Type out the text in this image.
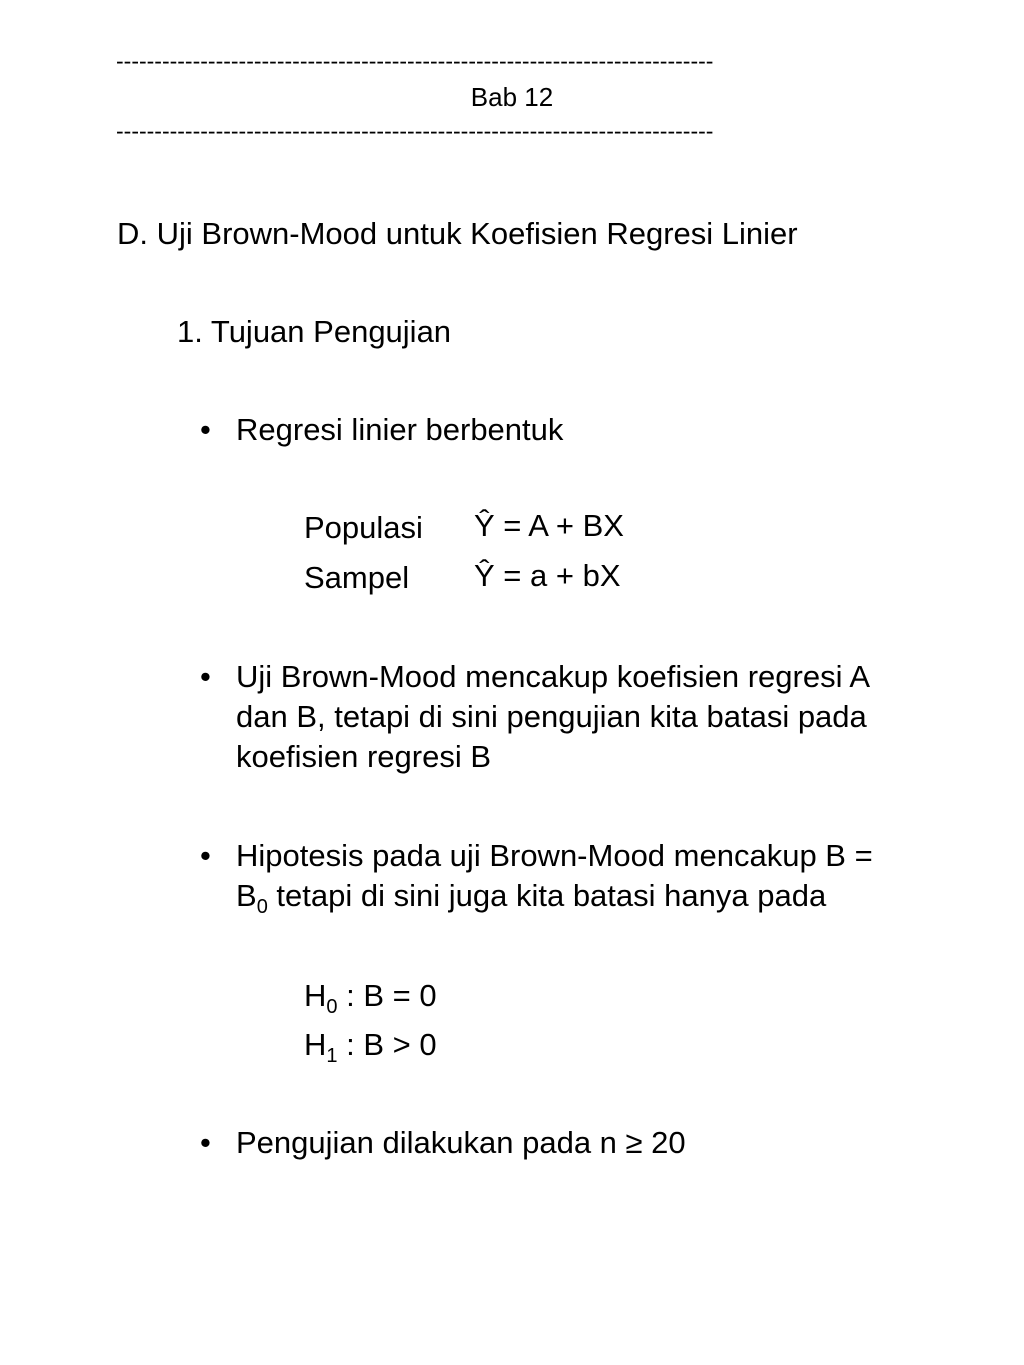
------------------------------------------------------------------------------
Bab 12
------------------------------------------------------------------------------
D. Uji Brown-Mood untuk Koefisien Regresi Linier
1. Tujuan Pengujian
• Regresi linier berbentuk
Populasi Ŷ = A + BX
Sampel Ŷ = a + bX
• Uji Brown-Mood mencakup koefisien regresi A
dan B, tetapi di sini pengujian kita batasi pada
koefisien regresi B
• Hipotesis pada uji Brown-Mood mencakup B =
$B_0$ tetapi di sini juga kita batasi hanya pada
$H_0$ : B = 0
$H_1$ : B > 0
• Pengujian dilakukan pada n ≥ 20
